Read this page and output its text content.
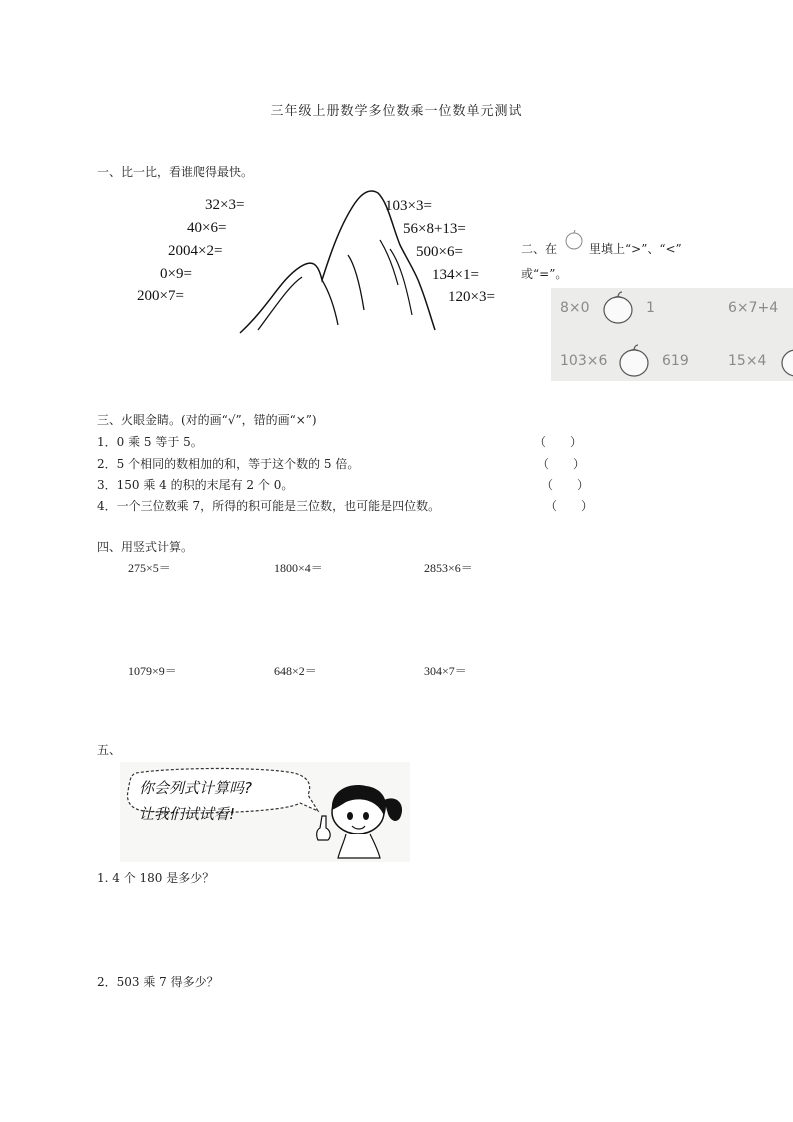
三年级上册数学多位数乘一位数单元测试
一、比一比，看谁爬得最快。
32×3=
40×6=
2004×2=
0×9=
200×7=
103×3=
56×8+13=
500×6=
134×1=
120×3=
二、在	里填上“>”、“<”
或“=”。
8×0	1	6×7+4
103×6	619	15×4
三、火眼金睛。(对的画“√”，错的画“×”)
1．0 乘 5 等于 5。
2．5 个相同的数相加的和，等于这个数的 5 倍。
3．150 乘 4 的积的末尾有 2 个 0。
4．一个三位数乘 7，所得的积可能是三位数，也可能是四位数。
（　　）
（　　）
（　　）
（　　）
四、用竖式计算。
275×5＝	1800×4＝	2853×6＝
1079×9＝	648×2＝	304×7＝
五、
你会列式计算吗?
让我们试试看!
1. 4 个 180 是多少？
2．503 乘 7 得多少？
